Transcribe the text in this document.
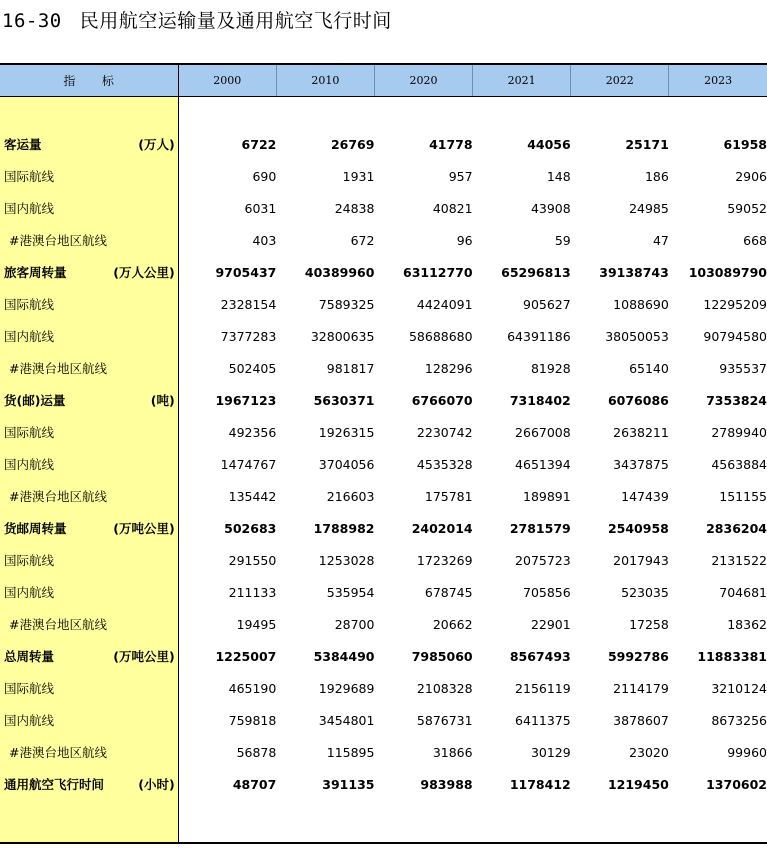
16-30 民用航空运输量及通用航空飞行时间
指 标	2000	2010	2020	2021	2022	2023

客运量 (万人)	6722	26769	41778	44056	25171	61958
国际航线	690	1931	957	148	186	2906
国内航线	6031	24838	40821	43908	24985	59052
#港澳台地区航线	403	672	96	59	47	668
旅客周转量 (万人公里)	9705437	40389960	63112770	65296813	39138743	103089790
国际航线	2328154	7589325	4424091	905627	1088690	12295209
国内航线	7377283	32800635	58688680	64391186	38050053	90794580
#港澳台地区航线	502405	981817	128296	81928	65140	935537
货(邮)运量 (吨)	1967123	5630371	6766070	7318402	6076086	7353824
国际航线	492356	1926315	2230742	2667008	2638211	2789940
国内航线	1474767	3704056	4535328	4651394	3437875	4563884
#港澳台地区航线	135442	216603	175781	189891	147439	151155
货邮周转量 (万吨公里)	502683	1788982	2402014	2781579	2540958	2836204
国际航线	291550	1253028	1723269	2075723	2017943	2131522
国内航线	211133	535954	678745	705856	523035	704681
#港澳台地区航线	19495	28700	20662	22901	17258	18362
总周转量 (万吨公里)	1225007	5384490	7985060	8567493	5992786	11883381
国际航线	465190	1929689	2108328	2156119	2114179	3210124
国内航线	759818	3454801	5876731	6411375	3878607	8673256
#港澳台地区航线	56878	115895	31866	30129	23020	99960
通用航空飞行时间 (小时)	48707	391135	983988	1178412	1219450	1370602
